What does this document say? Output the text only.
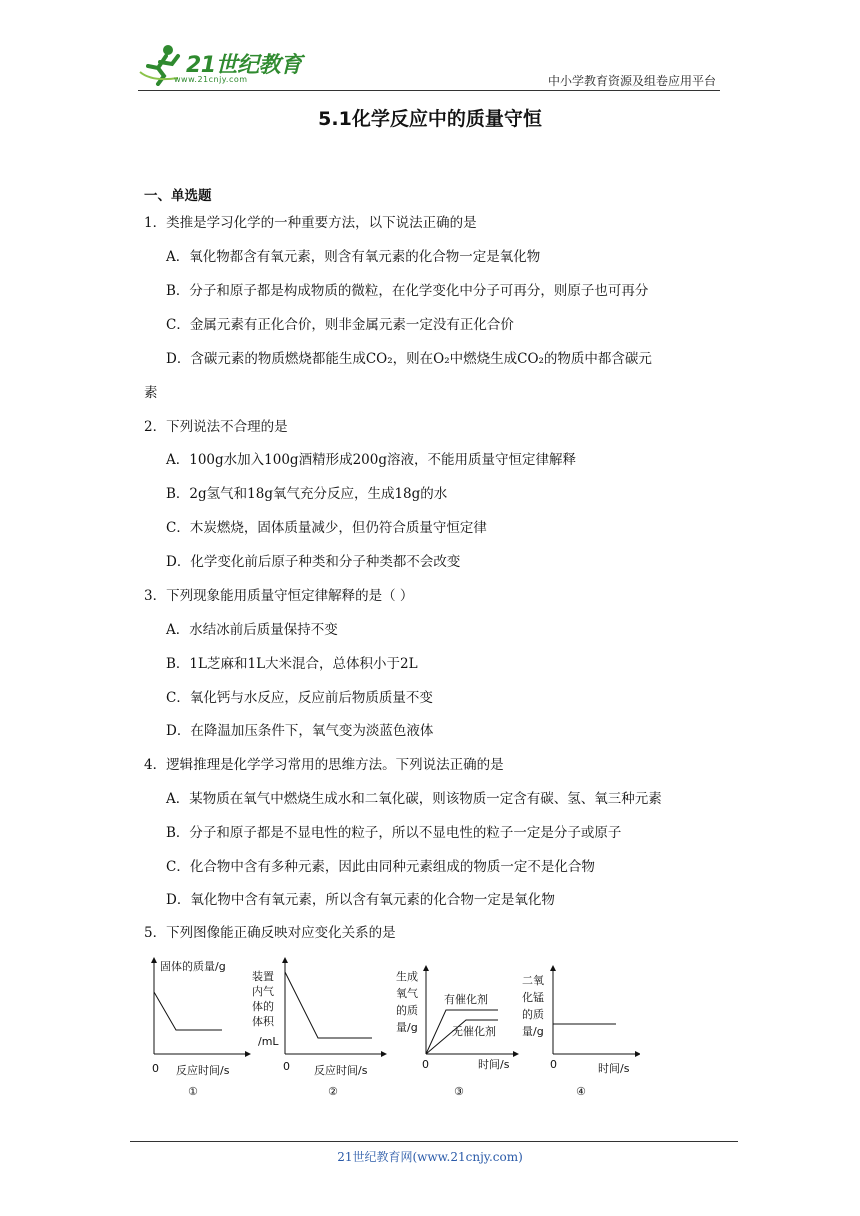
21世纪教育
www.21cnjy.com	中小学教育资源及组卷应用平台
5.1化学反应中的质量守恒
一、单选题
1．类推是学习化学的一种重要方法，以下说法正确的是
A．氧化物都含有氧元素，则含有氧元素的化合物一定是氧化物
B．分子和原子都是构成物质的微粒，在化学变化中分子可再分，则原子也可再分
C．金属元素有正化合价，则非金属元素一定没有正化合价
D．含碳元素的物质燃烧都能生成CO₂，则在O₂中燃烧生成CO₂的物质中都含碳元
素
2．下列说法不合理的是
A．100g水加入100g酒精形成200g溶液，不能用质量守恒定律解释
B．2g氢气和18g氧气充分反应，生成18g的水
C．木炭燃烧，固体质量减少，但仍符合质量守恒定律
D．化学变化前后原子种类和分子种类都不会改变
3．下列现象能用质量守恒定律解释的是（ ）
A．水结冰前后质量保持不变
B．1L芝麻和1L大米混合，总体积小于2L
C．氧化钙与水反应，反应前后物质质量不变
D．在降温加压条件下，氧气变为淡蓝色液体
4．逻辑推理是化学学习常用的思维方法。下列说法正确的是
A．某物质在氧气中燃烧生成水和二氧化碳，则该物质一定含有碳、氢、氧三种元素
B．分子和原子都是不显电性的粒子，所以不显电性的粒子一定是分子或原子
C．化合物中含有多种元素，因此由同种元素组成的物质一定不是化合物
D．氧化物中含有氧元素，所以含有氧元素的化合物一定是氧化物
5．下列图像能正确反映对应变化关系的是
固体的质量/g
0 反应时间/s
①
装置
内气
体的
体积
/mL
0 反应时间/s
②
生成
氧气
的质
量/g
有催化剂
无催化剂
0	时间/s
③
二氧
化锰
的质
量/g
0	时间/s
④
21世纪教育网(www.21cnjy.com)
